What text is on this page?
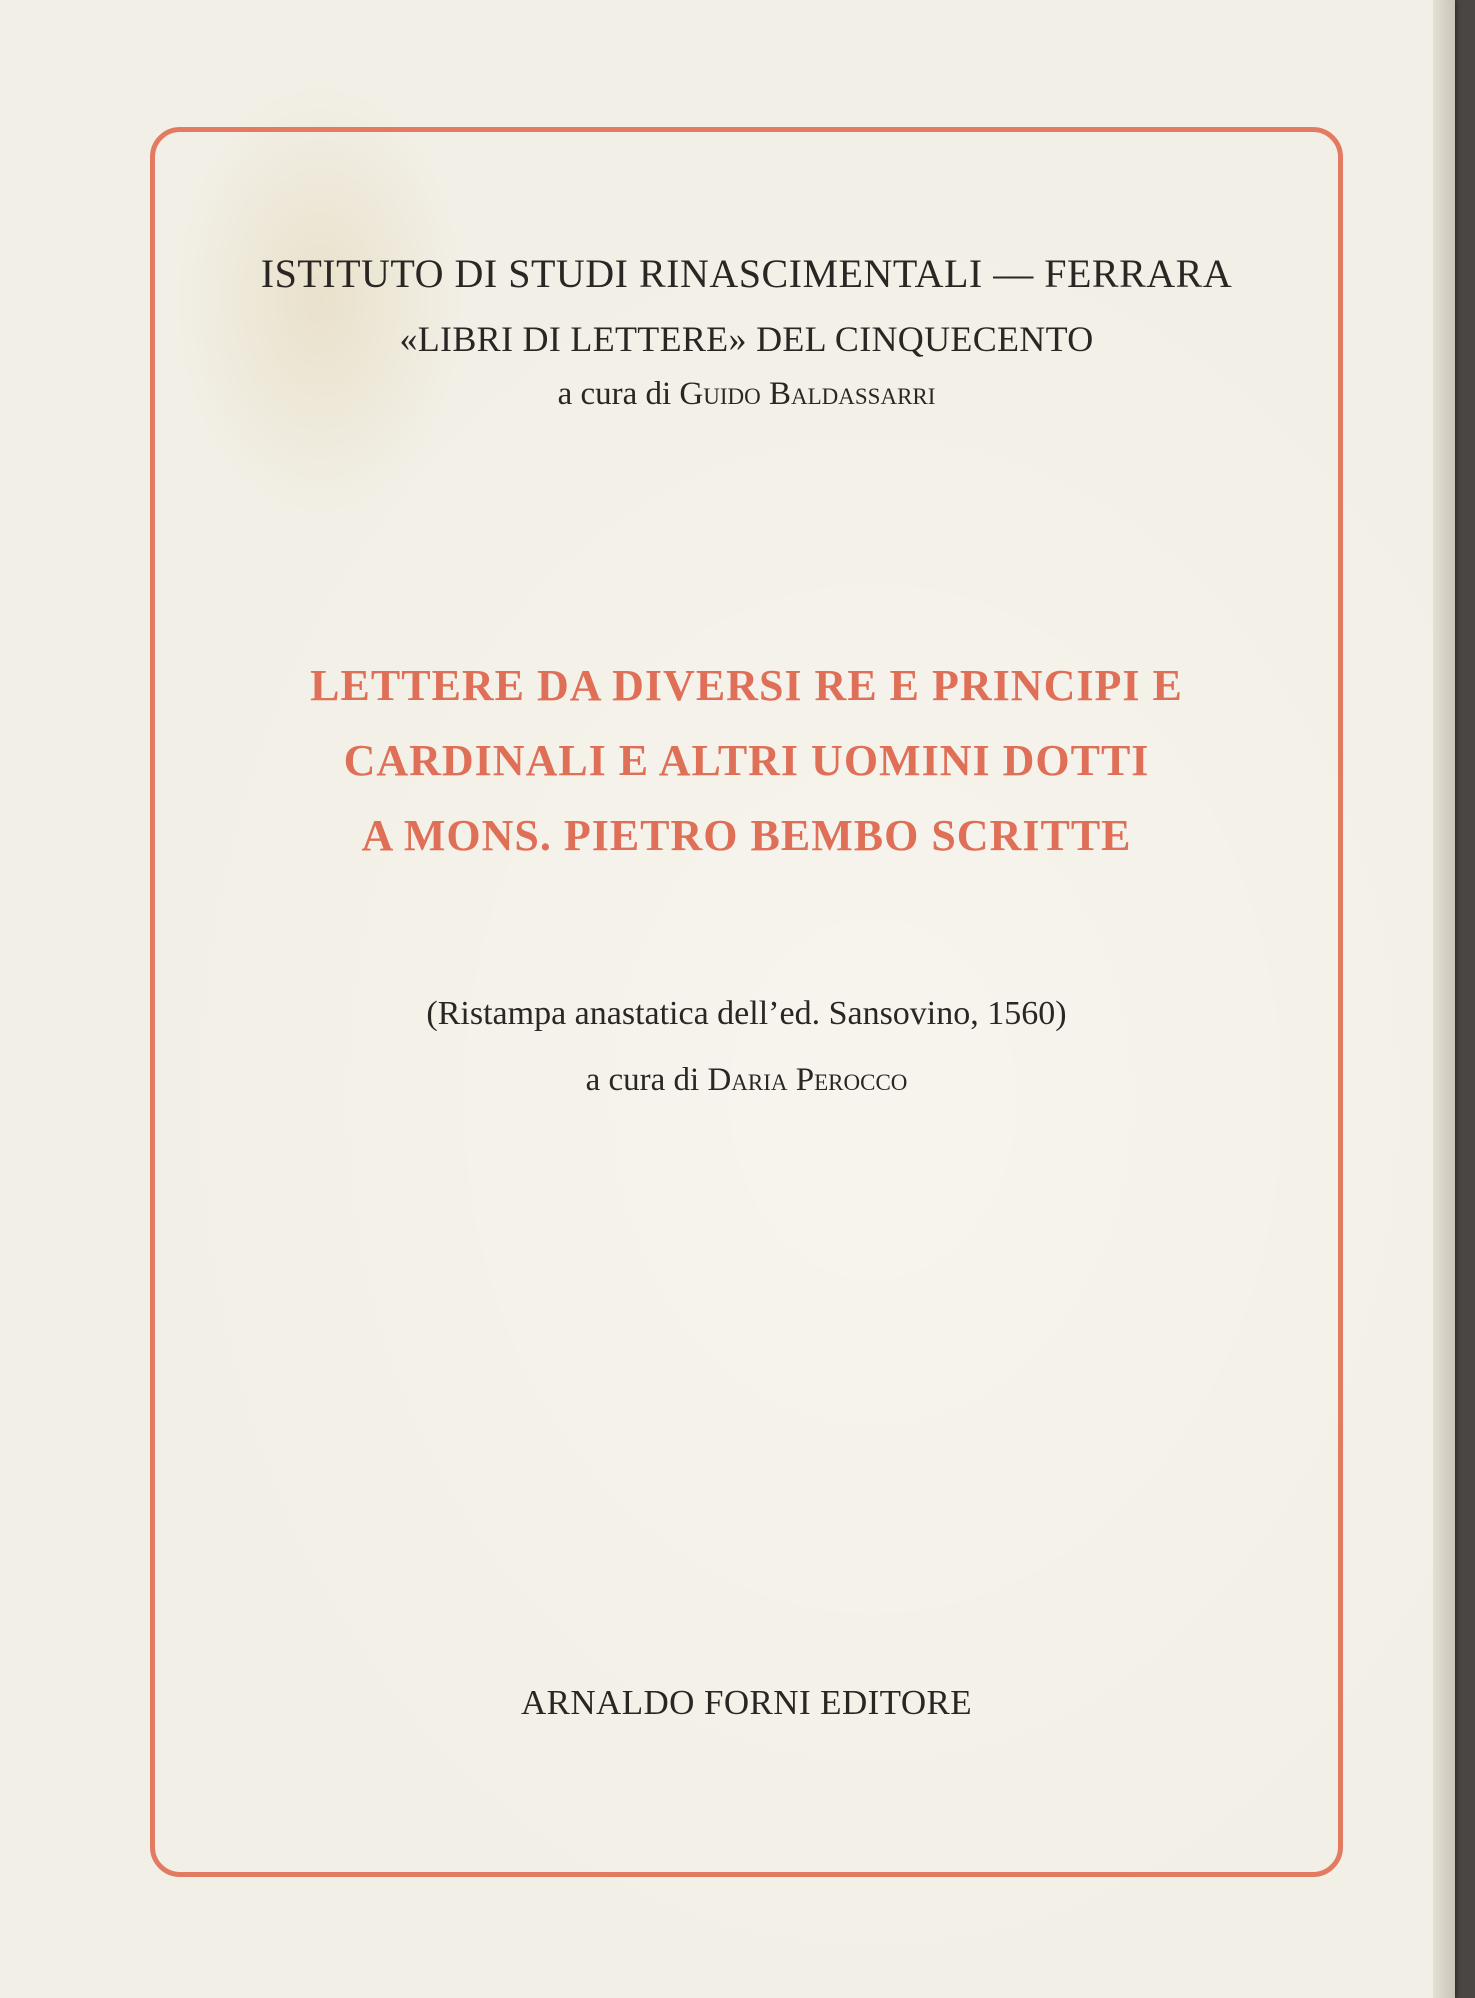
ISTITUTO DI STUDI RINASCIMENTALI — FERRARA
«LIBRI DI LETTERE» DEL CINQUECENTO
a cura di Guido Baldassarri
LETTERE DA DIVERSI RE E PRINCIPI E
CARDINALI E ALTRI UOMINI DOTTI
A MONS. PIETRO BEMBO SCRITTE
(Ristampa anastatica dell’ed. Sansovino, 1560)
a cura di Daria Perocco
ARNALDO FORNI EDITORE
